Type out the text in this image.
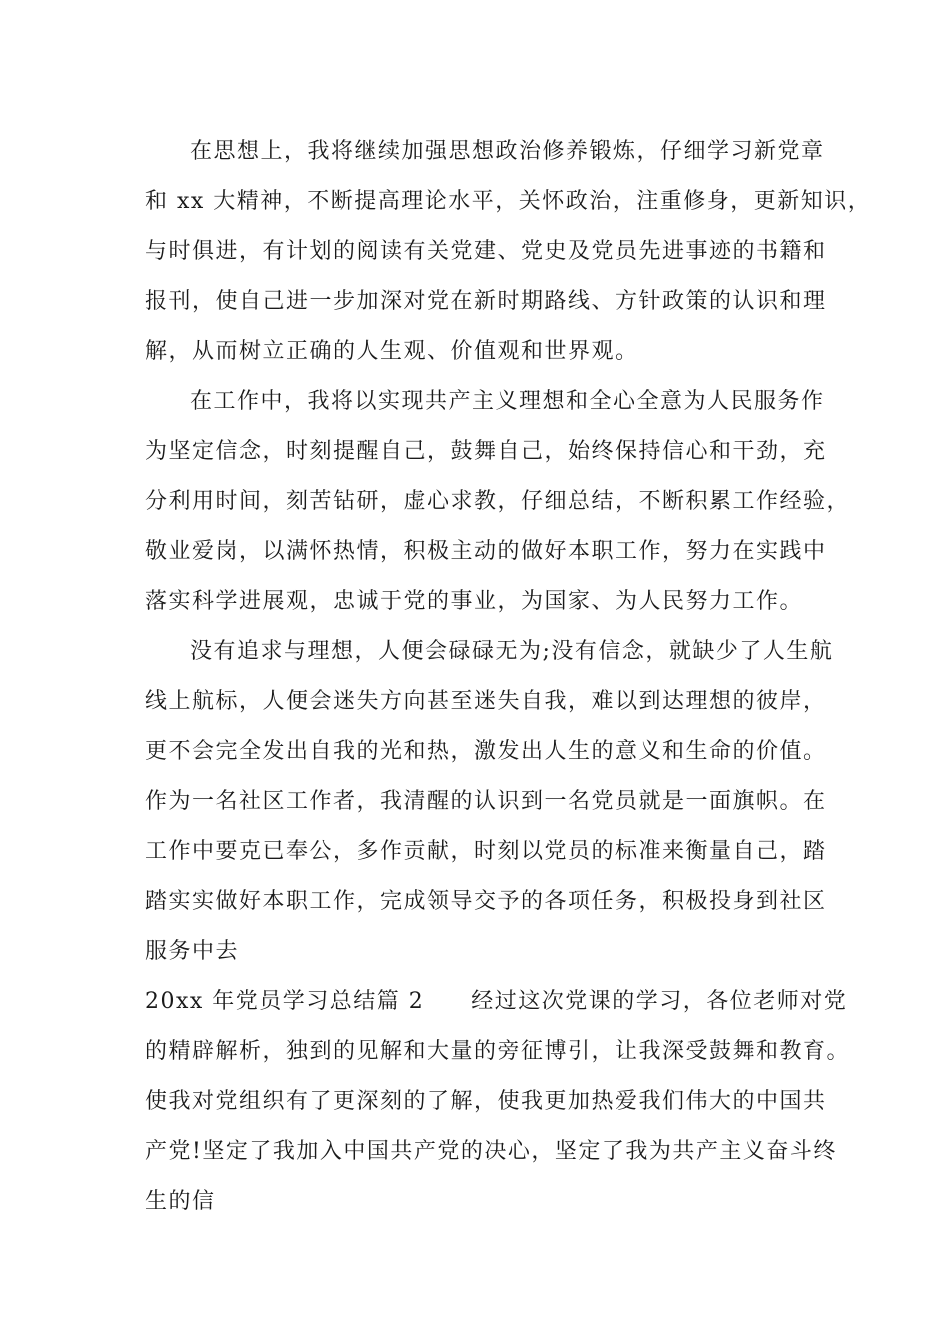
在思想上，我将继续加强思想政治修养锻炼，仔细学习新党章
和 xx 大精神，不断提高理论水平，关怀政治，注重修身，更新知识，
与时俱进，有计划的阅读有关党建、党史及党员先进事迹的书籍和
报刊，使自己进一步加深对党在新时期路线、方针政策的认识和理
解，从而树立正确的人生观、价值观和世界观。
在工作中，我将以实现共产主义理想和全心全意为人民服务作
为坚定信念，时刻提醒自己，鼓舞自己，始终保持信心和干劲，充
分利用时间，刻苦钻研，虚心求教，仔细总结，不断积累工作经验，
敬业爱岗，以满怀热情，积极主动的做好本职工作，努力在实践中
落实科学进展观，忠诚于党的事业，为国家、为人民努力工作。
没有追求与理想，人便会碌碌无为;没有信念，就缺少了人生航
线上航标，人便会迷失方向甚至迷失自我，难以到达理想的彼岸，
更不会完全发出自我的光和热，激发出人生的意义和生命的价值。
作为一名社区工作者，我清醒的认识到一名党员就是一面旗帜。在
工作中要克已奉公，多作贡献，时刻以党员的标准来衡量自己，踏
踏实实做好本职工作，完成领导交予的各项任务，积极投身到社区
服务中去
20xx 年党员学习总结篇 2　　经过这次党课的学习，各位老师对党
的精辟解析，独到的见解和大量的旁征博引，让我深受鼓舞和教育。
使我对党组织有了更深刻的了解，使我更加热爱我们伟大的中国共
产党!坚定了我加入中国共产党的决心，坚定了我为共产主义奋斗终
生的信
